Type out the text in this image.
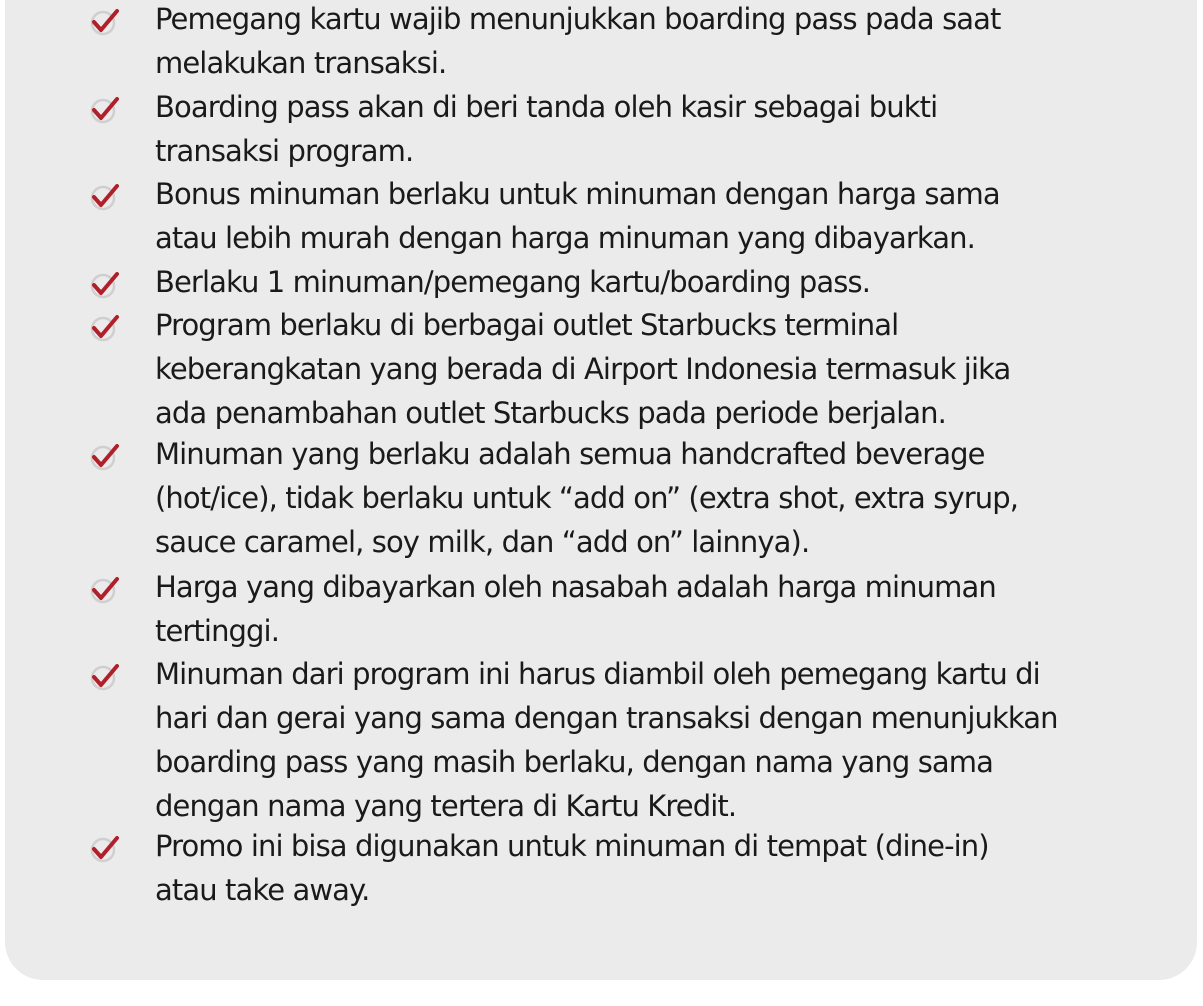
Pemegang kartu wajib menunjukkan boarding pass pada saat
melakukan transaksi.

Boarding pass akan di beri tanda oleh kasir sebagai bukti
transaksi program.

Bonus minuman berlaku untuk minuman dengan harga sama
atau lebih murah dengan harga minuman yang dibayarkan.

Berlaku 1 minuman/pemegang kartu/boarding pass.

Program berlaku di berbagai outlet Starbucks terminal
keberangkatan yang berada di Airport Indonesia termasuk jika
ada penambahan outlet Starbucks pada periode berjalan.

Minuman yang berlaku adalah semua handcrafted beverage
(hot/ice), tidak berlaku untuk “add on” (extra shot, extra syrup,
sauce caramel, soy milk, dan “add on” lainnya).

Harga yang dibayarkan oleh nasabah adalah harga minuman
tertinggi.

Minuman dari program ini harus diambil oleh pemegang kartu di
hari dan gerai yang sama dengan transaksi dengan menunjukkan
boarding pass yang masih berlaku, dengan nama yang sama
dengan nama yang tertera di Kartu Kredit.

Promo ini bisa digunakan untuk minuman di tempat (dine-in)
atau take away.
